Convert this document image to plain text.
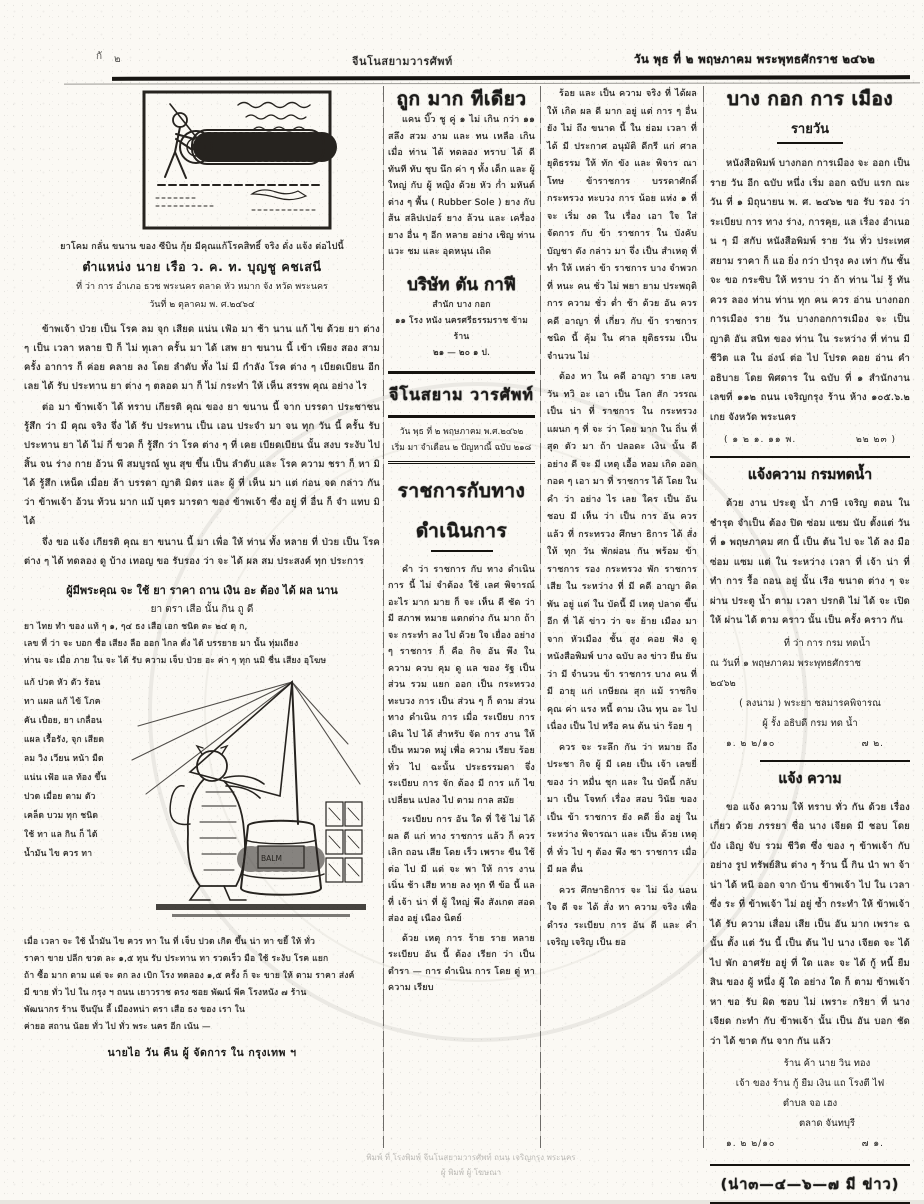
กั ๒	จีนโนสยามวารศัพท์	วัน พุธ ที่ ๒ พฤษภาคม พระพุทธศักราช ๒๔๖๒
ยาโคม กลั่น ขนาน ของ ซีบิน กุ้ย มีคุณแก้โรคสิทธิ์ จริง ดั่ง แจ้ง ต่อไปนี้
ตำแหน่ง นาย เรือ ว. ค. ท. บุญชู คชเสนี
ที่ ว่า การ อำเภอ ธวช พระนคร ตลาด หัว หมาก จัง หวัด พระนคร
วันที่ ๒ ตุลาคม พ. ศ.๒๔๖๔

ข้าพเจ้า ป่วย เป็น โรค ลม จุก เสียด แน่น เฟ้อ มา ช้า นาน แก้ ไข ด้วย ยา ต่าง ๆ เป็น เวลา หลาย ปี ก็ ไม่ ทุเลา ครั้น มา ได้ เสพ ยา ขนาน นี้ เข้า เพียง สอง สาม ครั้ง อาการ ก็ ค่อย คลาย ลง โดย ลำดับ ทั้ง ไม่ มี กำลัง โรค ต่าง ๆ เบียดเบียน อีก เลย ได้ รับ ประทาน ยา ต่าง ๆ ตลอด มา ก็ ไม่ กระทำ ให้ เห็น สรรพ คุณ อย่าง ไร

ต่อ มา ข้าพเจ้า ได้ ทราบ เกียรติ คุณ ของ ยา ขนาน นี้ จาก บรรดา ประชาชน รู้สึก ว่า มี คุณ จริง จึ่ง ได้ รับ ประทาน เป็น เอน ประจำ มา จน ทุก วัน นี้ ครั้น รับ ประทาน ยา ได้ ไม่ กี่ ขวด ก็ รู้สึก ว่า โรค ต่าง ๆ ที่ เคย เบียดเบียน นั้น สงบ ระงับ ไป สิ้น จน ร่าง กาย อ้วน พี สมบูรณ์ พูน สุข ขึ้น เป็น ลำดับ และ โรค ความ ชรา ก็ หา มิ ได้ รู้สึก เหน็ด เมื่อย ล้า บรรดา ญาติ มิตร และ ผู้ ที่ เห็น มา แต่ ก่อน จด กล่าว กัน ว่า ข้าพเจ้า อ้วน ท้วน มาก แม้ บุตร มารดา ของ ข้าพเจ้า ซึ่ง อยู่ ที่ อื่น ก็ จำ แทบ มิ ได้

จึ่ง ขอ แจ้ง เกียรติ คุณ ยา ขนาน นี้ มา เพื่อ ให้ ท่าน ทั้ง หลาย ที่ ป่วย เป็น โรค ต่าง ๆ ได้ ทดลอง ดู บ้าง เทอญ ขอ รับรอง ว่า จะ ได้ ผล สม ประสงค์ ทุก ประการ

ผู้มีพระคุณ จะ ใช้ ยา ราคา ถาน เงิน อะ ต้อง ได้ ผล นาน
ยา ตรา เสือ นั้น กิน ถู ดี
ยา ไทย ทำ ของ แท้ ๆ ๑, ๆ๔ ธง เสือ เอก ชนิด ตะ ๒๔ ดุ ก,
เลข ที่ ว่า จะ บอก ชื่อ เสียง ลือ ออก ไกล ดั่ง ได้ บรรยาย มา นั้น ทุ่มเถียง
ท่าน จะ เมื่อ ภาย ใน จะ ได้ รับ ความ เจ็บ ป่วย อะ ค่า ๆ ทุก นมิ ชื่น เสียง อุโฆษ
แก้ ปวด หัว ตัว ร้อน
ทา แผล แก้ ไข้ โภค
คัน เปื่อย, ยา เกลื่อน
แผล เรื้อรัง, จุก เสียด
ลม วิง เวียน หน้า มืด
แน่น เฟ้อ แล ท้อง ขึ้น
ปวด เมื่อย ตาม ตัว
เคล็ด บวม ทุก ชนิด
ใช้ ทา แล กิน ก็ ได้
น้ำมัน ไข ควร ทา	BALM
เมื่อ เวลา จะ ใช้ น้ำมัน ไข ควร ทา ใน ที่ เจ็บ ปวด เกิด ขึ้น น่า ทา ขยี้ ให้ ทั่ว
ราคา ขาย ปลีก ขวด ละ ๑,๕ ทุน รับ ประทาน ทา รวดเร็ว มือ ใช้ ระงับ โรค แยก
ถ้า ซื้อ มาก ตาม แต่ จะ ตก ลง เบิก โรง ทดลอง ๑,๕ ครั้ง ก็ จะ ขาย ให้ ตาม ราคา ส่งค์
มี ขาย ทั่ว ไป ใน กรุง ฯ ถนน เยาวราช ตรง ซอย พัฒน์ พีค โรงหนัง ๗ ร้าน
พัฒนากร ร้าน จีนบุ๊น ลี้ เมืองหน่า ตรา เสือ ธง ของ เรา ใน
ค่ายอ สถาน น้อย ทั่ว ไป ทั่ว พระ นคร อีก เน้น —
นายไอ วัน คืน ผู้ จัดการ ใน กรุงเทพ ฯ
ถูก มาก ทีเดียว

แคน บิ๊ว ชู คู่ ๑ ไม่ เกิน กว่า ๑๑ สลึง สวม งาม และ ทน เหลือ เกิน เมื่อ ท่าน ได้ ทดลอง ทราบ ได้ ดี ทันที ทับ ชุบ นึก ค่า ๆ ทั้ง เด็ก และ ผู้ ใหญ่ กับ ผู้ หญิง ด้วย หัว ก่ำ มหันต์ ต่าง ๆ พื้น ( Rubber Sole ) ยาง กับ ส้น สลิปเปอร์ ยาง ล้วน และ เครื่อง ยาง อื่น ๆ อีก หลาย อย่าง เชิญ ท่าน แวะ ชม และ อุดหนุน เถิด

บริษัท ตัน กาฟี
สำนัก บาง กอก
๑๑ โรง หนัง นครศรีธรรมราช ข้าม ร้าน
๒๑ — ๒๐ ๑ ป.
จีโนสยาม วารศัพท์
วัน พุธ ที่ ๒ พฤษภาคม พ.ศ.๒๔๖๒
เริ่ม มา จำเดือน ๒ ปัญหาณี้ ฉบับ ๒๑๘
ราชการกับทาง
ดำเนินการ

คำ ว่า ราชการ กับ ทาง ดำเนิน การ นี้ ไม่ จำต้อง ใช้ เลศ พิจารณ์ อะไร มาก มาย ก็ จะ เห็น ดี ชัด ว่า มี สภาพ หมาย แตกต่าง กัน มาก ถ้า จะ กระทำ ลง ไป ด้วย ใจ เยื่อง อย่าง ๆ ราชการ ก็ คือ กิจ อัน พึง ใน ความ ควบ คุม ดู แล ของ รัฐ เป็น ส่วน รวม แยก ออก เป็น กระทรวง ทะบวง การ เป็น ส่วน ๆ ก็ ตาม ส่วน ทาง ดำเนิน การ เมื่อ ระเบียบ การ เดิน ไป ได้ สำหรับ จัด การ งาน ให้ เป็น หมวด หมู่ เพื่อ ความ เรียบ ร้อย ทั่ว ไป ฉะนั้น ประธรรมดา จึ่ง ระเบียบ การ จัก ต้อง มี การ แก้ ไข เปลี่ยน แปลง ไป ตาม กาล สมัย

ระเบียบ การ อัน ใด ที่ ใช้ ไม่ ได้ ผล ดี แก่ ทาง ราชการ แล้ว ก็ ควร เลิก ถอน เสีย โดย เร็ว เพราะ ขืน ใช้ ต่อ ไป มี แต่ จะ พา ให้ การ งาน เนิ่น ช้า เสีย หาย ลง ทุก ที ข้อ นี้ แล ที่ เจ้า น่า ที่ ผู้ ใหญ่ พึง สังเกต สอดส่อง อยู่ เนือง นิตย์

ด้วย เหตุ การ ร้าย ราย หลาย ระเบียบ อัน นี้ ต้อง เรียก ว่า เป็น ตำรา — การ ดำเนิน การ โดย ตู่ หา ความ เรียบ

ร้อย และ เป็น ความ จริง ที่ ได้ผล ให้ เกิด ผล ดี มาก อยู่ แต่ การ ๆ อื่น ยัง ไม่ ถึง ขนาด นี้ ใน ย่อม เวลา ที่ ได้ มี ประกาศ อนุมัติ ดีกรี แก่ ศาล ยุติธรรม ให้ ทัก ขัง และ พิจาร ณา โทษ ข้าราชการ บรรดาศักดิ์ กระทรวง ทะบวง การ น้อย แห่ง ๑ ที่ จะ เริ่ม งด ใน เรื่อง เอา ใจ ใส่ จัดการ กับ ข้า ราชการ ใน บังคับ บัญชา ดัง กล่าว มา จึ่ง เป็น สำเหตุ ที่ ทำ ให้ เหล่า ข้า ราชการ บาง จำพวก ที่ หนะ คน ชั่ว ไม่ พยา ยาม ประพฤติ การ ความ ชั่ว ต่ำ ช้า ด้วย อัน ควร คดี อาญา ที่ เกี่ยว กับ ข้า ราชการ ชนิด นี้ คุ้ม ใน ศาล ยุติธรรม เป็น จำนวน ไม่

ต้อง หา ใน คดี อาญา ราย เลข วัน ทวิ อะ เอา เป็น โลก สัก วรรณ เป็น น่า ที่ ราชการ ใน กระทรวง แผนก ๆ ที่ จะ ว่า โดย มาก ใน ถิ่น ที่ สุด ตัว มา ถ้า ปลอดะ เงิน นั้น ดี อย่าง ดี จะ มี เหตุ เอื้อ หอม เกิด ออก กอด ๆ เอา มา ที่ ราชการ ได้ โดย ใน คำ ว่า อย่าง ไร เลย ใคร เป็น อัน ชอบ มี เห็น ว่า เป็น การ อัน ควร แล้ว ที่ กระทรวง ศึกษา ธิการ ได้ สั่ง ให้ ทุก วัน พักผ่อน กัน พร้อม ข้า ราชการ รอง กระทรวง พัก ราชการ เสีย ใน ระหว่าง ที่ มี คดี อาญา ติด พัน อยู่ แต่ ใน บัดนี้ มี เหตุ ปลาด ขึ้น อีก ที่ ได้ ข่าว ว่า จะ ย้าย เมือง มา จาก หัวเมือง ชั้น สูง คอย ฟัง ดู หนังสือพิมพ์ บาง ฉบับ ลง ข่าว ยืน ยัน ว่า มี จำนวน ข้า ราชการ บาง คน ที่ มี อายุ แก่ เกษียณ สุก แม้ ราชกิจ คุณ ค่า แรง หนี้ ตาม เงิน ทุน อะ ไป เนื่อง เป็น ไป หรือ คน ต้น น่า ร้อย ๆ

ควร จะ ระลึก กัน ว่า หมาย ถึง ประชา กิจ ผู้ มี เคย เป็น เจ้า เลขยี่ ของ ว่า หมื่น ชุก และ ใน บัดนี้ กลับ มา เป็น โจทก์ เรื่อง สอบ วินัย ของ เป็น ข้า ราชการ ยัง คดี ยิ่ง อยู่ ใน ระหว่าง พิจารณา และ เป็น ด้วย เหตุ ที่ ทั่ว ไป ๆ ต้อง พึง ซา ราชการ เมื่อ มี ผล ตื่น

ควร ศึกษาธิการ จะ ไม่ นิ่ง นอน ใจ ดี จะ ได้ สั่ง หา ความ จริง เพื่อ ดำรง ระเบียบ การ อัน ดี และ คำ เจริญ เจริญ เป็น ยอ

บาง กอก การ เมือง
รายวัน

หนังสือพิมพ์ บางกอก การเมือง จะ ออก เป็น ราย วัน อีก ฉบับ หนึ่ง เริ่ม ออก ฉบับ แรก ณะ วัน ที่ ๑ มิถุนายน พ. ศ. ๒๔๖๒ ขอ รับ รอง ว่า ระเบียบ การ ทาง ร่าง, การคุย, แล เรื่อง อำเนอน ๆ มี สกับ หนังสือพิมพ์ ราย วัน ทั่ว ประเทศ สยาม ราคา ก็ แอ ยิ่ง กว่า บำรุง คง เท่า กัน ชั้น จะ ขอ กระซิบ ให้ ทราบ ว่า ถ้า ท่าน ไม่ รู้ ทัน ควร ลอง ท่าน ท่าน ทุก คน ควร อ่าน บางกอก การเมือง ราย วัน บางกอกการเมือง จะ เป็น ญาติ อัน สนิท ของ ท่าน ใน ระหว่าง ที่ ท่าน มี ชีวิต แล ใน อ่งน์ ต่อ ไป โปรด คอย อ่าน คำ อธิบาย โดย พิศดาร ใน ฉบับ ที่ ๑ สำนักงาน เลขที่ ๑๑๒ ถนน เจริญกรุง ร้าน ห้าง ๑๐๕.๖.๒ เกย จังหวัด พระนคร

( ๑ ๒ ๑. ๑๑ พ.	๒๒ ๒๓ )
แจ้งความ กรมทดน้ำ

ด้วย งาน ประตู น้ำ ภาษี เจริญ ตอน ใน ชำรุด จำเป็น ต้อง ปิด ซ่อม แซม นับ ตั้งแต่ วัน ที่ ๑ พฤษภาคม ศก นี้ เป็น ต้น ไป จะ ได้ ลง มือ ซ่อม แซม แต่ ใน ระหว่าง เวลา ที่ เจ้า น่า ที่ ทำ การ รื้อ ถอน อยู่ นั้น เรือ ขนาด ต่าง ๆ จะ ผ่าน ประตู น้ำ ตาม เวลา ปรกติ ไม่ ได้ จะ เปิด ให้ ผ่าน ได้ ตาม คราว นั้น เป็น ครั้ง คราว กัน

ที่ ว่า การ กรม ทดน้ำ
ณ วันที่ ๑ พฤษภาคม พระพุทธศักราช
๒๔๖๒
( ลงนาม ) พระยา ชลมารคพิจารณ
ผู้ รั้ง อธิบดี กรม ทด น้ำ
๑. ๒ ๒/๑๐	๗ ๒.
แจ้ง ความ

ขอ แจ้ง ความ ให้ ทราบ ทั่ว กัน ด้วย เรื่อง เกี่ยว ด้วย ภรรยา ชื่อ นาง เจียด มี ชอบ โดย บัง เอิญ จับ รวม ชีวิต ซึ่ง ของ ๆ ข้าพเจ้า กับ อย่าง รูป ทรัพย์สิน ต่าง ๆ ร้าน นี้ กิน นำ พา จ้า น่า ได้ หนี ออก จาก บ้าน ข้าพเจ้า ไป ใน เวลา ซึ่ง ระ ที่ ข้าพเจ้า ไม่ อยู่ ซ้ำ กระทำ ให้ ข้าพเจ้า ได้ รับ ความ เสื่อม เสีย เป็น อัน มาก เพราะ ฉนั้น ตั้ง แต่ วัน นี้ เป็น ต้น ไป นาง เจียด จะ ได้ ไป พัก อาศรัย อยู่ ที่ ใด และ จะ ได้ กู้ หนี้ ยืม สิน ของ ผู้ หนึ่ง ผู้ ใด อย่าง ใด ก็ ตาม ข้าพเจ้า หา ขอ รับ ผิด ชอบ ไม่ เพราะ กริยา ที่ นาง เจียด กะทำ กับ ข้าพเจ้า นั้น เป็น อัน บอก ชัด ว่า ได้ ขาด กัน จาก กัน แล้ว

ร้าน ค้า นาย วิน ทอง
เจ้า ของ ร้าน กู้ ยืม เงิน แถ โรงตี ไฟ
ตำบล จอ เฮง
ตลาด จันทบุรี
๑. ๒ ๒/๑๐	๗ ๑.
(น่า๓—๔—๖—๗ มี ข่าว)
พิมพ์ ที่ โรงพิมพ์ จีนโนสยามวารศัพท์ ถนน เจริญกรุง พระนคร
ผู้ พิมพ์ ผู้ โฆษณา
